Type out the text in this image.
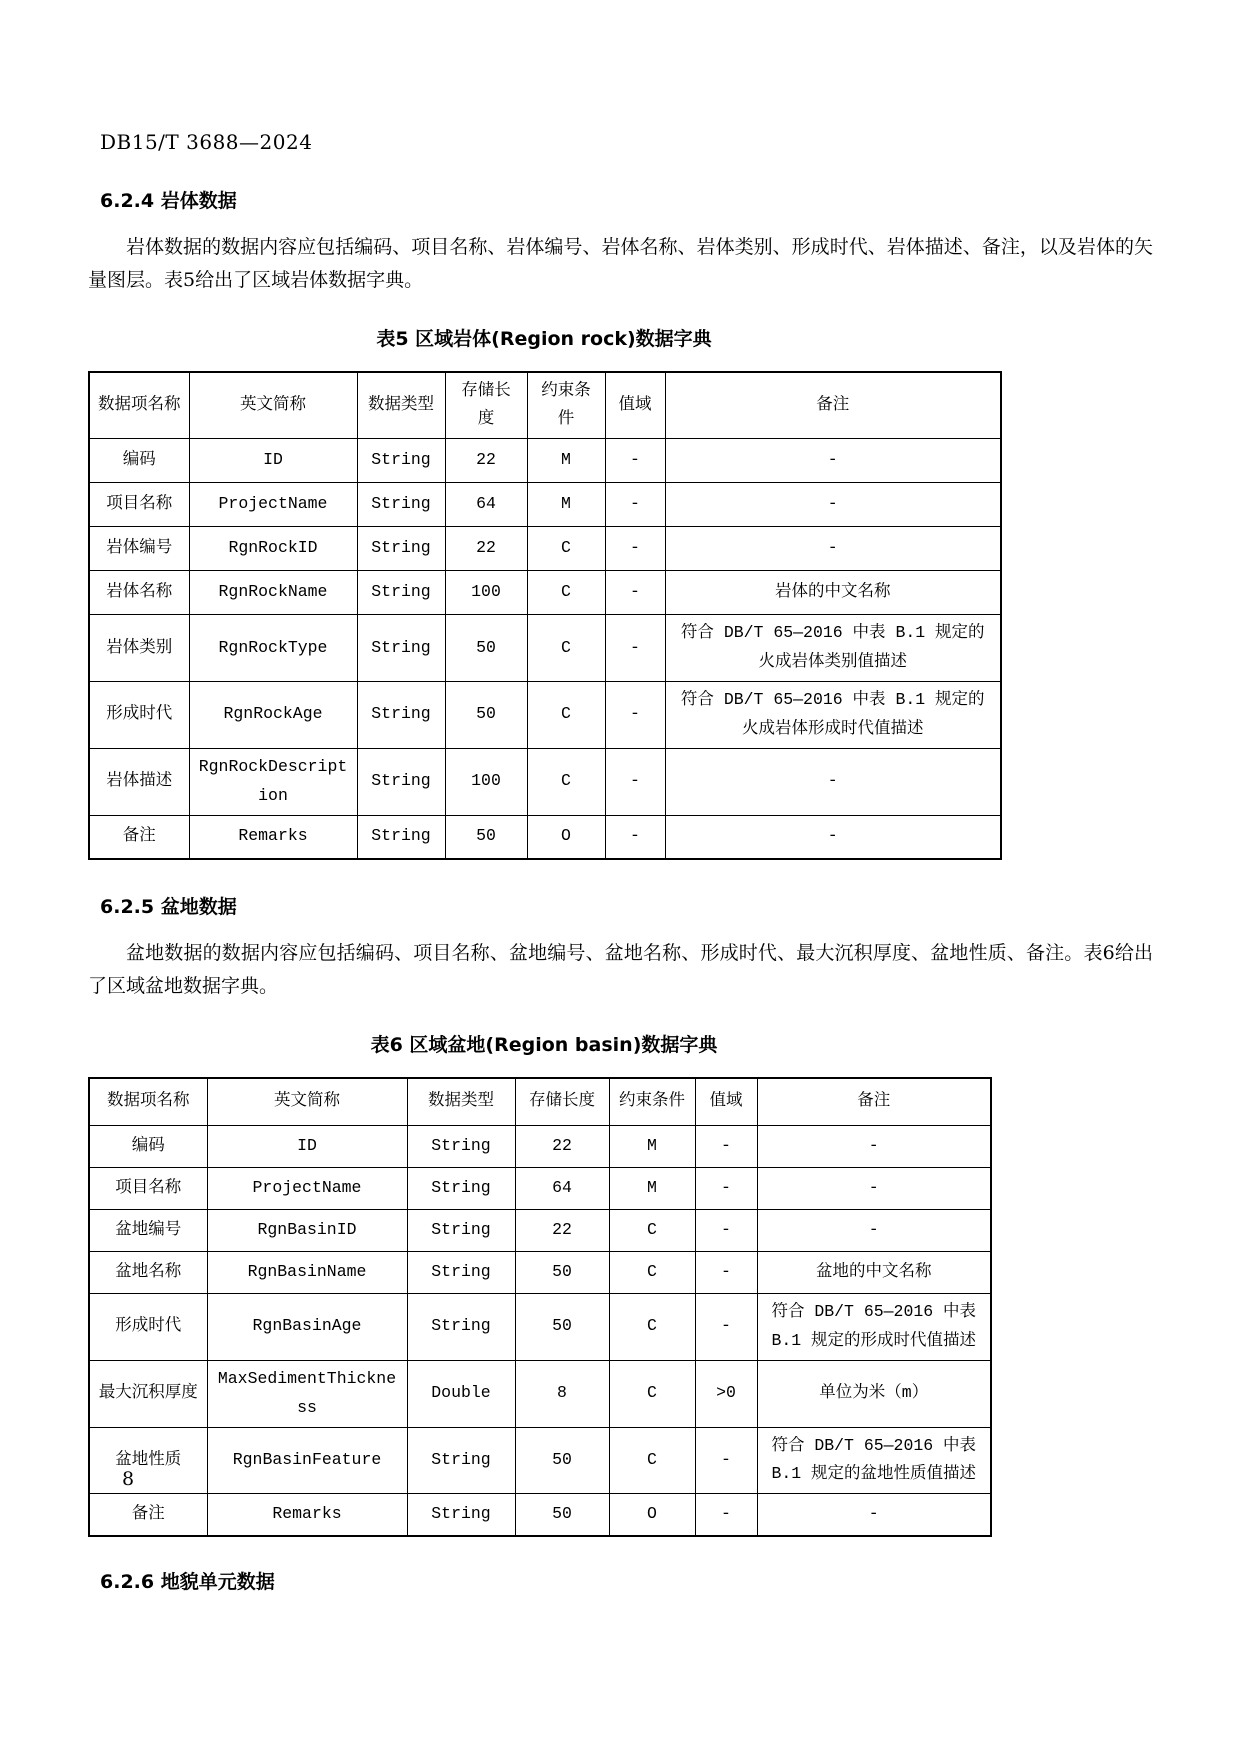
DB15/T 3688—2024
6.2.4 岩体数据

岩体数据的数据内容应包括编码、项目名称、岩体编号、岩体名称、岩体类别、形成时代、岩体描述、备注，以及岩体的矢量图层。表5给出了区域岩体数据字典。

表5 区域岩体(Region rock)数据字典
数据项名称	英文简称	数据类型	存储长度	约束条件	值域	备注
编码	ID	String	22	M	-	-
项目名称	ProjectName	String	64	M	-	-
岩体编号	RgnRockID	String	22	C	-	-
岩体名称	RgnRockName	String	100	C	-	岩体的中文名称
岩体类别	RgnRockType	String	50	C	-	符合 DB/T 65—2016 中表 B.1 规定的火成岩体类别值描述
形成时代	RgnRockAge	String	50	C	-	符合 DB/T 65—2016 中表 B.1 规定的火成岩体形成时代值描述
岩体描述	RgnRockDescription	String	100	C	-	-
备注	Remarks	String	50	O	-	-
6.2.5 盆地数据

盆地数据的数据内容应包括编码、项目名称、盆地编号、盆地名称、形成时代、最大沉积厚度、盆地性质、备注。表6给出了区域盆地数据字典。

表6 区域盆地(Region basin)数据字典
数据项名称	英文简称	数据类型	存储长度	约束条件	值域	备注
编码	ID	String	22	M	-	-
项目名称	ProjectName	String	64	M	-	-
盆地编号	RgnBasinID	String	22	C	-	-
盆地名称	RgnBasinName	String	50	C	-	盆地的中文名称
形成时代	RgnBasinAge	String	50	C	-	符合 DB/T 65—2016 中表 B.1 规定的形成时代值描述
最大沉积厚度	MaxSedimentThickness	Double	8	C	>0	单位为米（m）
盆地性质	RgnBasinFeature	String	50	C	-	符合 DB/T 65—2016 中表 B.1 规定的盆地性质值描述
备注	Remarks	String	50	O	-	-
6.2.6 地貌单元数据
8
